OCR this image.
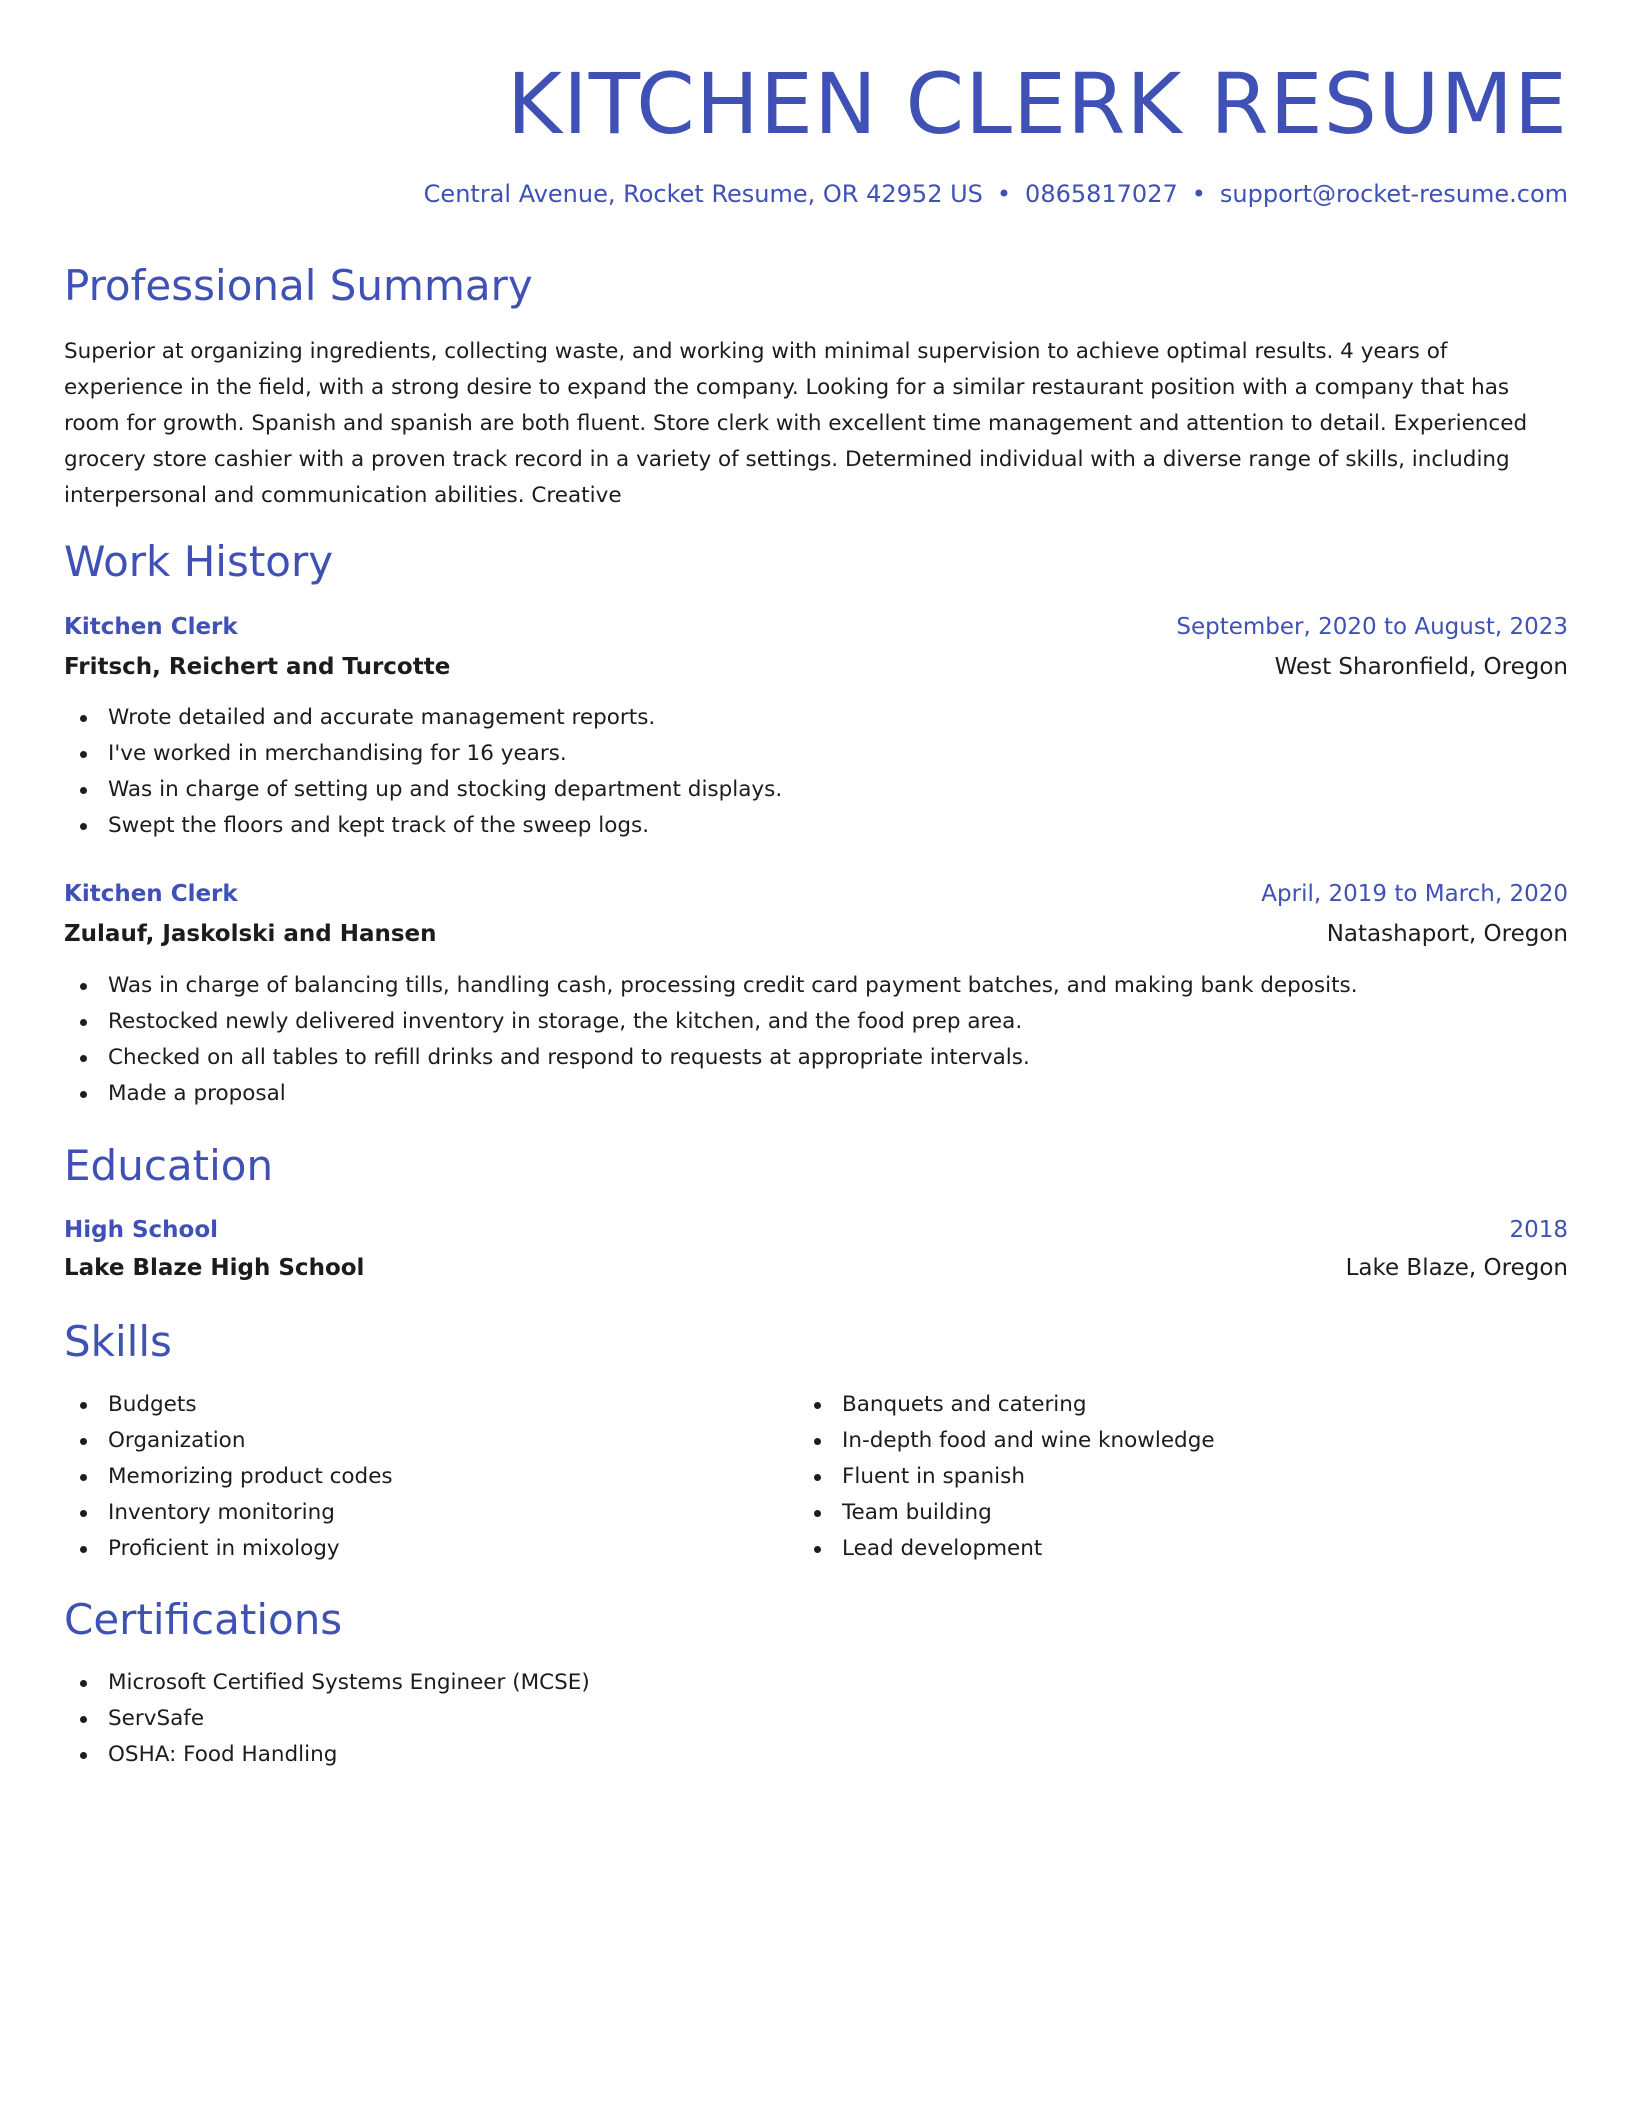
KITCHEN CLERK RESUME
Central Avenue, Rocket Resume, OR 42952 US • 0865817027 • support@rocket-resume.com
Professional Summary

Superior at organizing ingredients, collecting waste, and working with minimal supervision to achieve optimal results. 4 years of experience in the field, with a strong desire to expand the company. Looking for a similar restaurant position with a company that has room for growth. Spanish and spanish are both fluent. Store clerk with excellent time management and attention to detail. Experienced grocery store cashier with a proven track record in a variety of settings. Determined individual with a diverse range of skills, including interpersonal and communication abilities. Creative

Work History
Kitchen Clerk	September, 2020 to August, 2023
Fritsch, Reichert and Turcotte	West Sharonfield, Oregon
Wrote detailed and accurate management reports.
I've worked in merchandising for 16 years.
Was in charge of setting up and stocking department displays.
Swept the floors and kept track of the sweep logs.
Kitchen Clerk	April, 2019 to March, 2020
Zulauf, Jaskolski and Hansen	Natashaport, Oregon
Was in charge of balancing tills, handling cash, processing credit card payment batches, and making bank deposits.
Restocked newly delivered inventory in storage, the kitchen, and the food prep area.
Checked on all tables to refill drinks and respond to requests at appropriate intervals.
Made a proposal
Education
High School	2018
Lake Blaze High School	Lake Blaze, Oregon
Skills
Budgets
Organization
Memorizing product codes
Inventory monitoring
Proficient in mixology
Banquets and catering
In-depth food and wine knowledge
Fluent in spanish
Team building
Lead development
Certifications
Microsoft Certified Systems Engineer (MCSE)
ServSafe
OSHA: Food Handling
